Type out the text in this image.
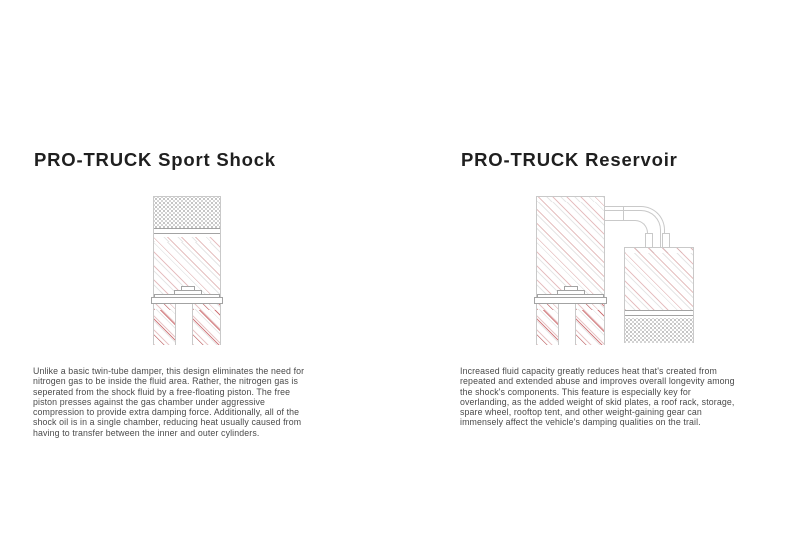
PRO-TRUCK Sport Shock
Unlike a basic twin-tube damper, this design eliminates the need for
nitrogen gas to be inside the fluid area. Rather, the nitrogen gas is
seperated from the shock fluid by a free-floating piston. The free
piston presses against the gas chamber under aggressive
compression to provide extra damping force. Additionally, all of the
shock oil is in a single chamber, reducing heat usually caused from
having to transfer between the inner and outer cylinders.
PRO-TRUCK Reservoir
Increased fluid capacity greatly reduces heat that's created from
repeated and extended abuse and improves overall longevity among
the shock's components. This feature is especially key for
overlanding, as the added weight of skid plates, a roof rack, storage,
spare wheel, rooftop tent, and other weight-gaining gear can
immensely affect the vehicle's damping qualities on the trail.
